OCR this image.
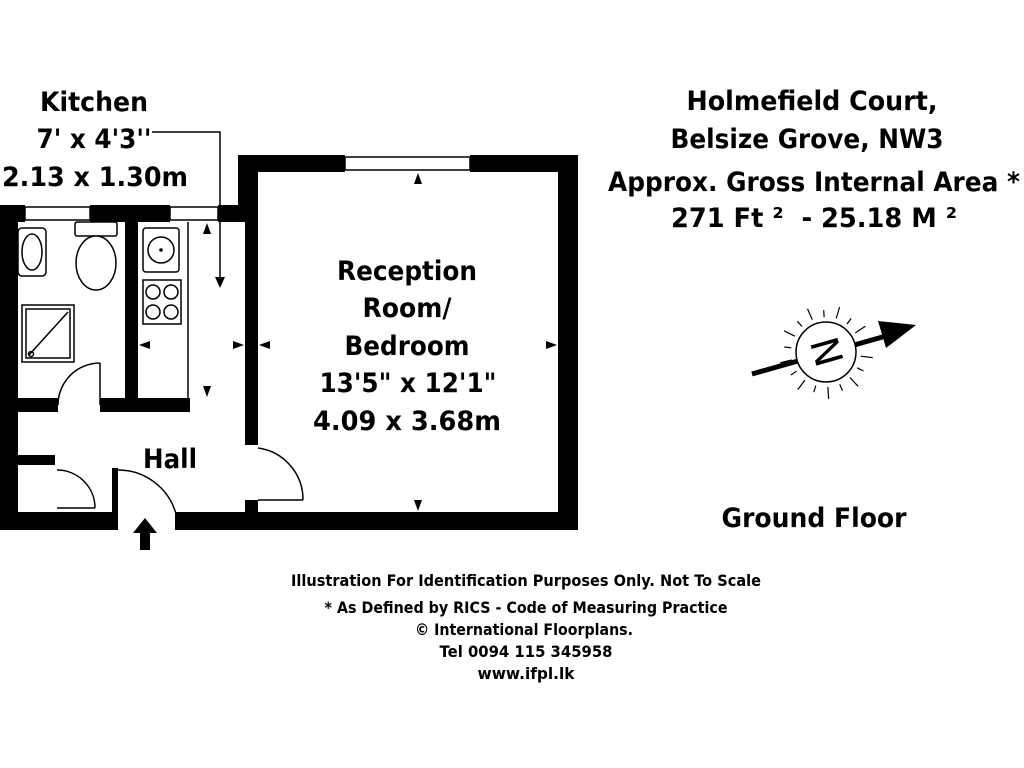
N
Kitchen
7' x 4'3''
2.13 x 1.30m
Reception
Room/
Bedroom
13'5" x 12'1"
4.09 x 3.68m
Hall
Holmefield Court,
Belsize Grove, NW3
Approx. Gross Internal Area *
271 Ft ²  - 25.18 M ²
Ground Floor
Illustration For Identification Purposes Only. Not To Scale
* As Defined by RICS - Code of Measuring Practice
© International Floorplans.
Tel 0094 115 345958
www.ifpl.lk
